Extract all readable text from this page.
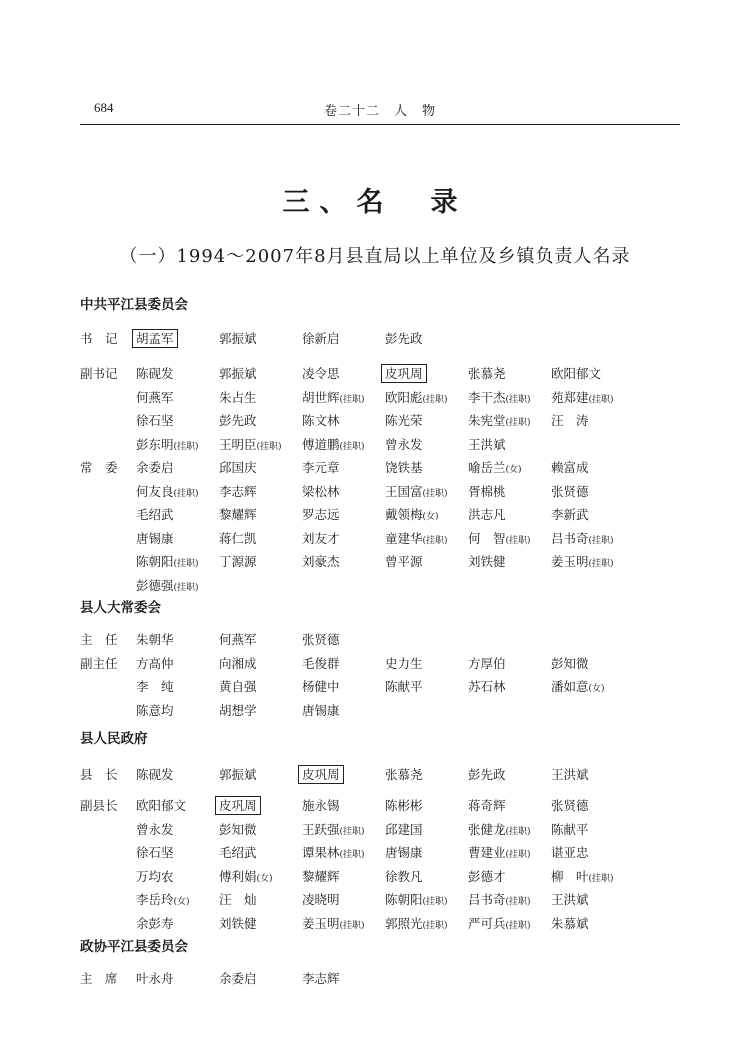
684	卷二十二　人　物
三、名　录
（一）1994～2007年8月县直局以上单位及乡镇负责人名录
中共平江县委员会
书　记 胡孟军	郭振斌	徐新启	彭先政
副书记 陈砚发	郭振斌	凌令思	皮巩周	张慕尧	欧阳郁文
何燕军	朱占生	胡世辉(挂职)	欧阳彪(挂职)	李干杰(挂职)	苑郑建(挂职)
徐石坚	彭先政	陈文林	陈光荣	朱宪堂(挂职)	汪　涛
彭东明(挂职)	王明臣(挂职)	傅道鹏(挂职)	曾永发	王洪斌
常　委 余委启	邱国庆	李元章	饶铁基	喻岳兰(女)	赖富成
何友良(挂职)	李志辉	梁松林	王国富(挂职)	胥棉桃	张贤德
毛绍武	黎耀辉	罗志远	戴领梅(女)	洪志凡	李新武
唐锡康	蒋仁凯	刘友才	童建华(挂职)	何　智(挂职)	吕书奇(挂职)
陈朝阳(挂职)	丁源源	刘豪杰	曾平源	刘铁健	姜玉明(挂职)
彭德强(挂职)
县人大常委会
主　任 朱朝华	何燕军	张贤德
副主任 方高仲	向湘成	毛俊群	史力生	方厚伯	彭知微
李　纯	黄自强	杨健中	陈献平	苏石林	潘如意(女)
陈意均	胡想学	唐锡康
县人民政府
县　长 陈砚发	郭振斌	皮巩周	张慕尧	彭先政	王洪斌
副县长 欧阳郁文	皮巩周	施永锡	陈彬彬	蒋奇辉	张贤德
曾永发	彭知微	王跃强(挂职)	邱建国	张健龙(挂职)	陈献平
徐石坚	毛绍武	谭果林(挂职)	唐锡康	曹建业(挂职)	谌亚忠
万均农	傅利娟(女)	黎耀辉	徐教凡	彭德才	柳　叶(挂职)
李岳玲(女)	汪　灿	凌晓明	陈朝阳(挂职)	吕书奇(挂职)	王洪斌
余彭寿	刘铁健	姜玉明(挂职)	郭照光(挂职)	严可兵(挂职)	朱慕斌
政协平江县委员会
主　席 叶永舟	余委启	李志辉
